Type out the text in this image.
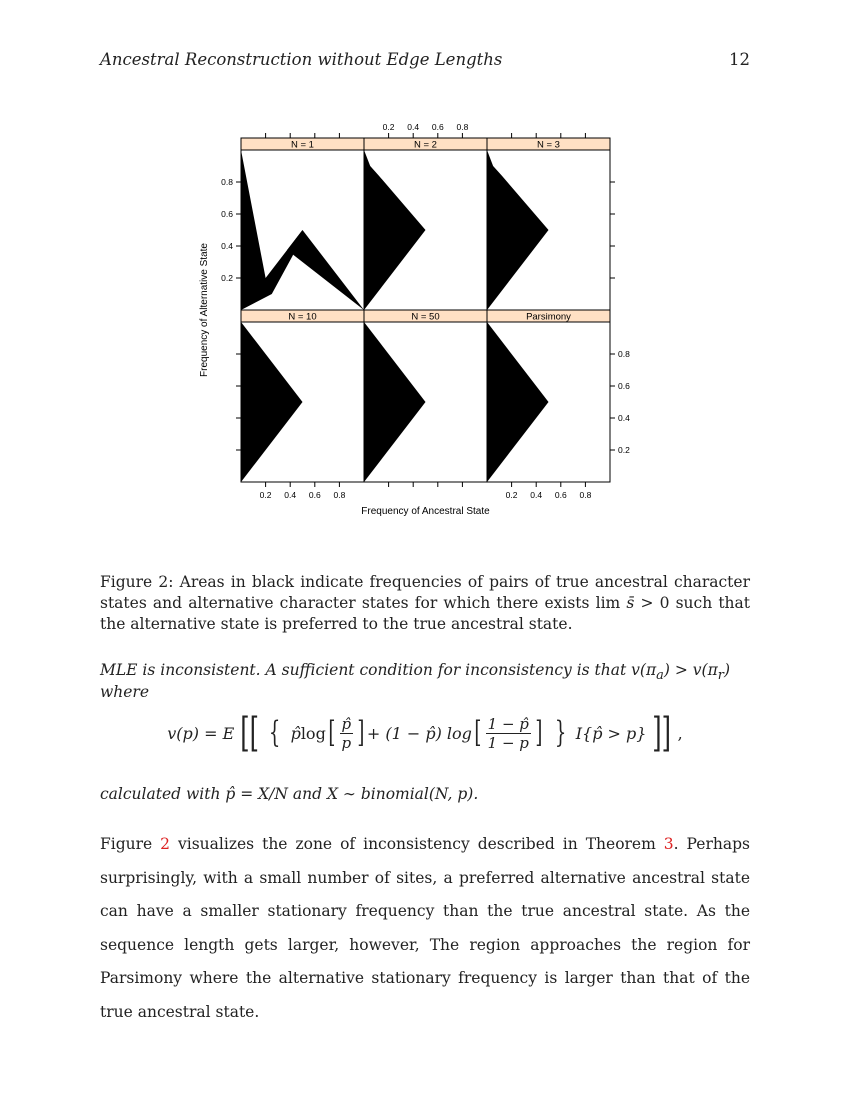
Ancestral Reconstruction without Edge Lengths	12
N = 1	N = 2	N = 3
N = 10	N = 50	Parsimony
0.2 0.4 0.6 0.8	0.2 0.4 0.6 0.8
0.2 0.4 0.6 0.8
0.2
0.2
0.4
0.4
0.6
0.6
0.8
0.8
Frequency of Ancestral State
Frequency of Alternative State
Figure 2: Areas in black indicate frequencies of pairs of true ancestral character states and alternative character states for which there exists lim s̄ > 0 such that the alternative state is preferred to the true ancestral state.
MLE is inconsistent. A sufficient condition for inconsistency is that $v(\pi_a) > v(\pi_r)$ where
v(p) = E [[ { p̂ log [ $\frac{p̂}{p}$ ] + (1 − p̂) log [ $\frac{1 - p̂}{1 - p}$ ] } I{p̂ > p} ]] ,
calculated with p̂ = X/N and X ∼ binomial(N, p).
Figure 2 visualizes the zone of inconsistency described in Theorem 3. Perhaps surprisingly, with a small number of sites, a preferred alternative ancestral state can have a smaller stationary frequency than the true ancestral state. As the sequence length gets larger, however, The region approaches the region for Parsimony where the alternative stationary frequency is larger than that of the true ancestral state.
